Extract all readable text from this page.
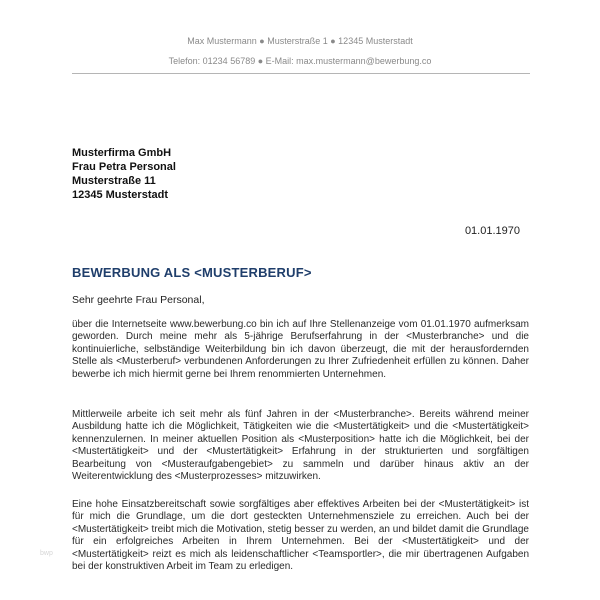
Max Mustermann ● Musterstraße 1 ● 12345 Musterstadt
Telefon: 01234 56789 ● E-Mail: max.mustermann@bewerbung.co
Musterfirma GmbH
Frau Petra Personal
Musterstraße 11
12345 Musterstadt
01.01.1970
BEWERBUNG ALS <MUSTERBERUF>
Sehr geehrte Frau Personal,
über die Internetseite www.bewerbung.co bin ich auf Ihre Stellenanzeige vom 01.01.1970 aufmerksam geworden. Durch meine mehr als 5-jährige Berufserfahrung in der <Musterbranche> und die kontinuierliche, selbständige Weiterbildung bin ich davon überzeugt, die mit der herausfordernden Stelle als <Musterberuf> verbundenen Anforderungen zu Ihrer Zufriedenheit erfüllen zu können. Daher bewerbe ich mich hiermit gerne bei Ihrem renommierten Unternehmen.
Mittlerweile arbeite ich seit mehr als fünf Jahren in der <Musterbranche>. Bereits während meiner Ausbildung hatte ich die Möglichkeit, Tätigkeiten wie die <Mustertätigkeit> und die <Mustertätigkeit> kennenzulernen. In meiner aktuellen Position als <Musterposition> hatte ich die Möglichkeit, bei der <Mustertätigkeit> und der <Mustertätigkeit> Erfahrung in der strukturierten und sorgfältigen Bearbeitung von <Musteraufgabengebiet> zu sammeln und darüber hinaus aktiv an der Weiterentwicklung des <Musterprozesses> mitzuwirken.
Eine hohe Einsatzbereitschaft sowie sorgfältiges aber effektives Arbeiten bei der <Mustertätigkeit> ist für mich die Grundlage, um die dort gesteckten Unternehmensziele zu erreichen. Auch bei der <Mustertätigkeit> treibt mich die Motivation, stetig besser zu werden, an und bildet damit die Grundlage für ein erfolgreiches Arbeiten in Ihrem Unternehmen. Bei der <Mustertätigkeit> und der <Mustertätigkeit> reizt es mich als leidenschaftlicher <Teamsportler>, die mir übertragenen Aufgaben bei der konstruktiven Arbeit im Team zu erledigen.
bwp
